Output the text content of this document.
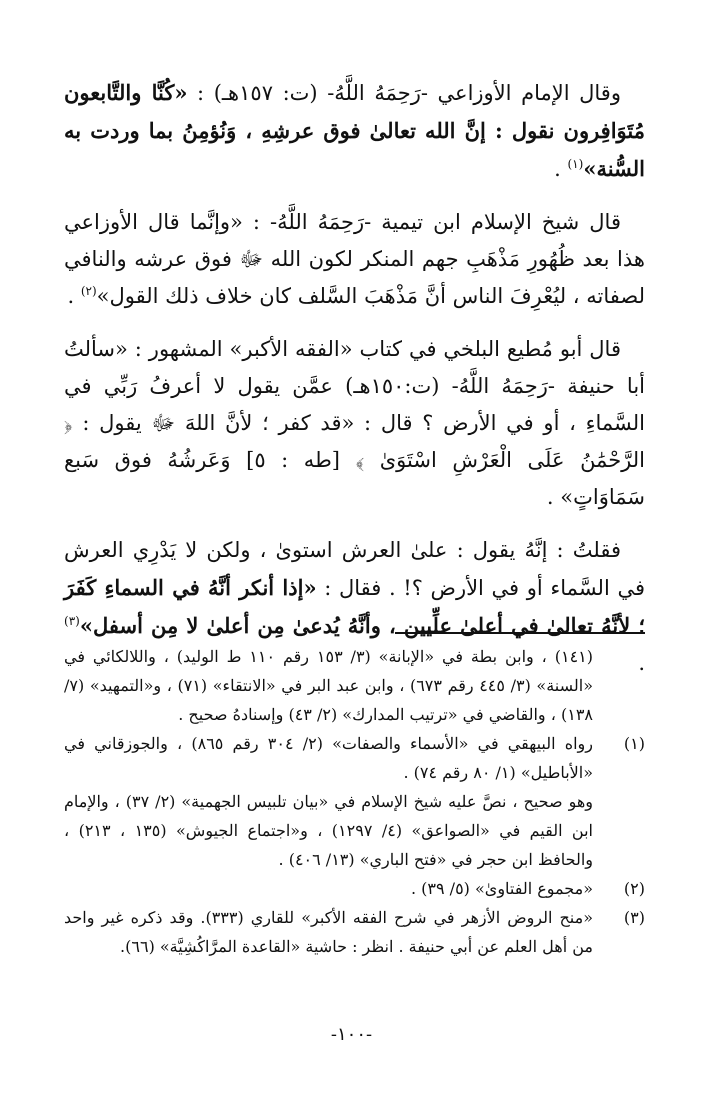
وقال الإمام الأوزاعي -رَحِمَهُ اللَّهُ- (ت: ١٥٧هـ) : «كُنَّا والتَّابعون مُتَوَافِرون نقول : إنَّ الله تعالىٰ فوق عرشِهِ ، وَنُؤمِنُ بما وردت به السُّنة»$^{(١)}$ .

قال شيخ الإسلام ابن تيمية -رَحِمَهُ اللَّهُ- : «وإنَّما قال الأوزاعي هذا بعد ظُهُورِ مَذْهَبِ جهم المنكر لكون الله ﷻ فوق عرشه والنافي لصفاته ، ليُعْرِفَ الناس أنَّ مَذْهَبَ السَّلف كان خلاف ذلك القول»$^{(٢)}$ .

قال أبو مُطيع البلخي في كتاب «الفقه الأكبر» المشهور : «سألتُ أبا حنيفة -رَحِمَهُ اللَّهُ- (ت:١٥٠هـ) عمَّن يقول لا أعرفُ رَبِّي في السَّماءِ ، أو في الأرض ؟ قال : «قد كفر ؛ لأنَّ اللهَ ﷻ يقول : ﴿ الرَّحْمَٰنُ عَلَى الْعَرْشِ اسْتَوَىٰ ﴾ [طه : ٥] وَعَرشُهُ فوق سَبع سَمَاوَاتٍ» .

فقلتُ : إنَّهُ يقول : علىٰ العرش استوىٰ ، ولكن لا يَدْرِي العرش في السَّماء أو في الأرض ؟! . فقال : «إذا أنكر أنَّهُ في السماءِ كَفَرَ ؛ لأنَّهُ تعالىٰ في أعلىٰ علِّيين ، وأنَّهُ يُدعىٰ مِن أعلىٰ لا مِن أسفل»$^{(٣)}$ .

(١٤١) ، وابن بطة في «الإبانة» (٣/ ١٥٣ رقم ١١٠ ط الوليد) ، واللالكائي في «السنة» (٣/ ٤٤٥ رقم ٦٧٣) ، وابن عبد البر في «الانتقاء» (٧١) ، و«التمهيد» (٧/ ١٣٨) ، والقاضي في «ترتيب المدارك» (٢/ ٤٣) وإسنادهُ صحيح .
(١)
رواه البيهقي في «الأسماء والصفات» (٢/ ٣٠٤ رقم ٨٦٥) ، والجوزقاني في «الأباطيل» (١/ ٨٠ رقم ٧٤) .
وهو صحيح ، نصَّ عليه شيخ الإسلام في «بيان تلبيس الجهمية» (٢/ ٣٧) ، والإمام ابن القيم في «الصواعق» (٤/ ١٢٩٧) ، و«اجتماع الجيوش» (١٣٥ ، ٢١٣) ، والحافظ ابن حجر في «فتح الباري» (١٣/ ٤٠٦) .
(٢)
«مجموع الفتاوىٰ» (٥/ ٣٩) .
(٣)
«منح الروض الأزهر في شرح الفقه الأكبر» للقاري (٣٣٣). وقد ذكره غير واحد من أهل العلم عن أبي حنيفة . انظر : حاشية «القاعدة المرَّاكُشِيَّة» (٦٦).
-١٠٠-
